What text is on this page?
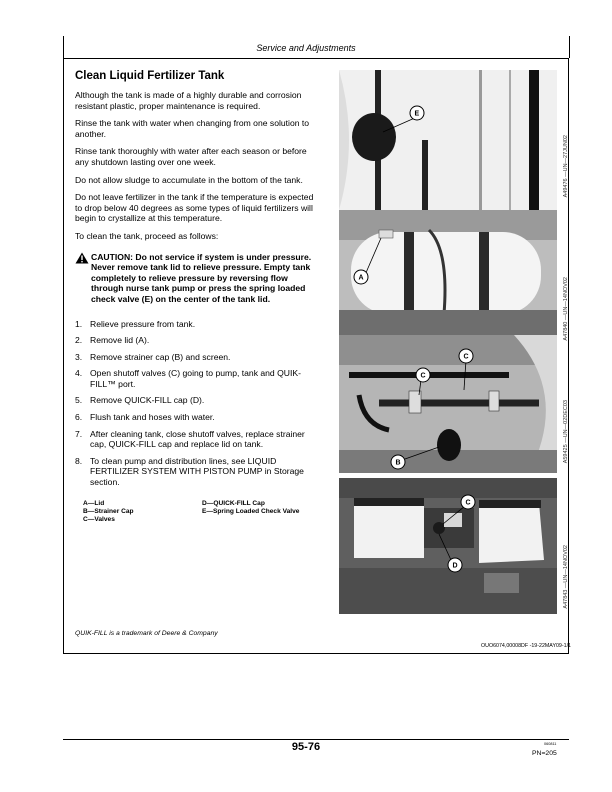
Service and Adjustments
Clean Liquid Fertilizer Tank

Although the tank is made of a highly durable and corrosion resistant plastic, proper maintenance is required.

Rinse the tank with water when changing from one solution to another.

Rinse tank thoroughly with water after each season or before any shutdown lasting over one week.

Do not allow sludge to accumulate in the bottom of the tank.

Do not leave fertilizer in the tank if the temperature is expected to drop below 40 degrees as some types of liquid fertilizers will begin to crystallize at this temperature.

To clean the tank, proceed as follows:

CAUTION: Do not service if system is under pressure. Never remove tank lid to relieve pressure. Empty tank completely to relieve pressure by reversing flow through nurse tank pump or press the spring loaded check valve (E) on the center of the tank lid.
1. Relieve pressure from tank.
2. Remove lid (A).
3. Remove strainer cap (B) and screen.
4. Open shutoff valves (C) going to pump, tank and QUIK-FILL™ port.
5. Remove QUICK-FILL cap (D).
6. Flush tank and hoses with water.
7. After cleaning tank, close shutoff valves, replace strainer cap, QUICK-FILL cap and replace lid on tank.
8. To clean pump and distribution lines, see LIQUID FERTILIZER SYSTEM WITH PISTON PUMP in Storage section.
A—Lid
B—Strainer Cap
C—Valves
D—QUICK-FILL Cap
E—Spring Loaded Check Valve
E
A49476 —UN—27JUN02
A	A47840 —UN—14NOV02
C
C
B	A59425 —UN—02DEC03
C
D	A47843 —UN—14NOV02
QUIK-FILL is a trademark of Deere & Company
OUO6074,00008DF -19-22MAY09-1/1
95-76	060811
PN=205
